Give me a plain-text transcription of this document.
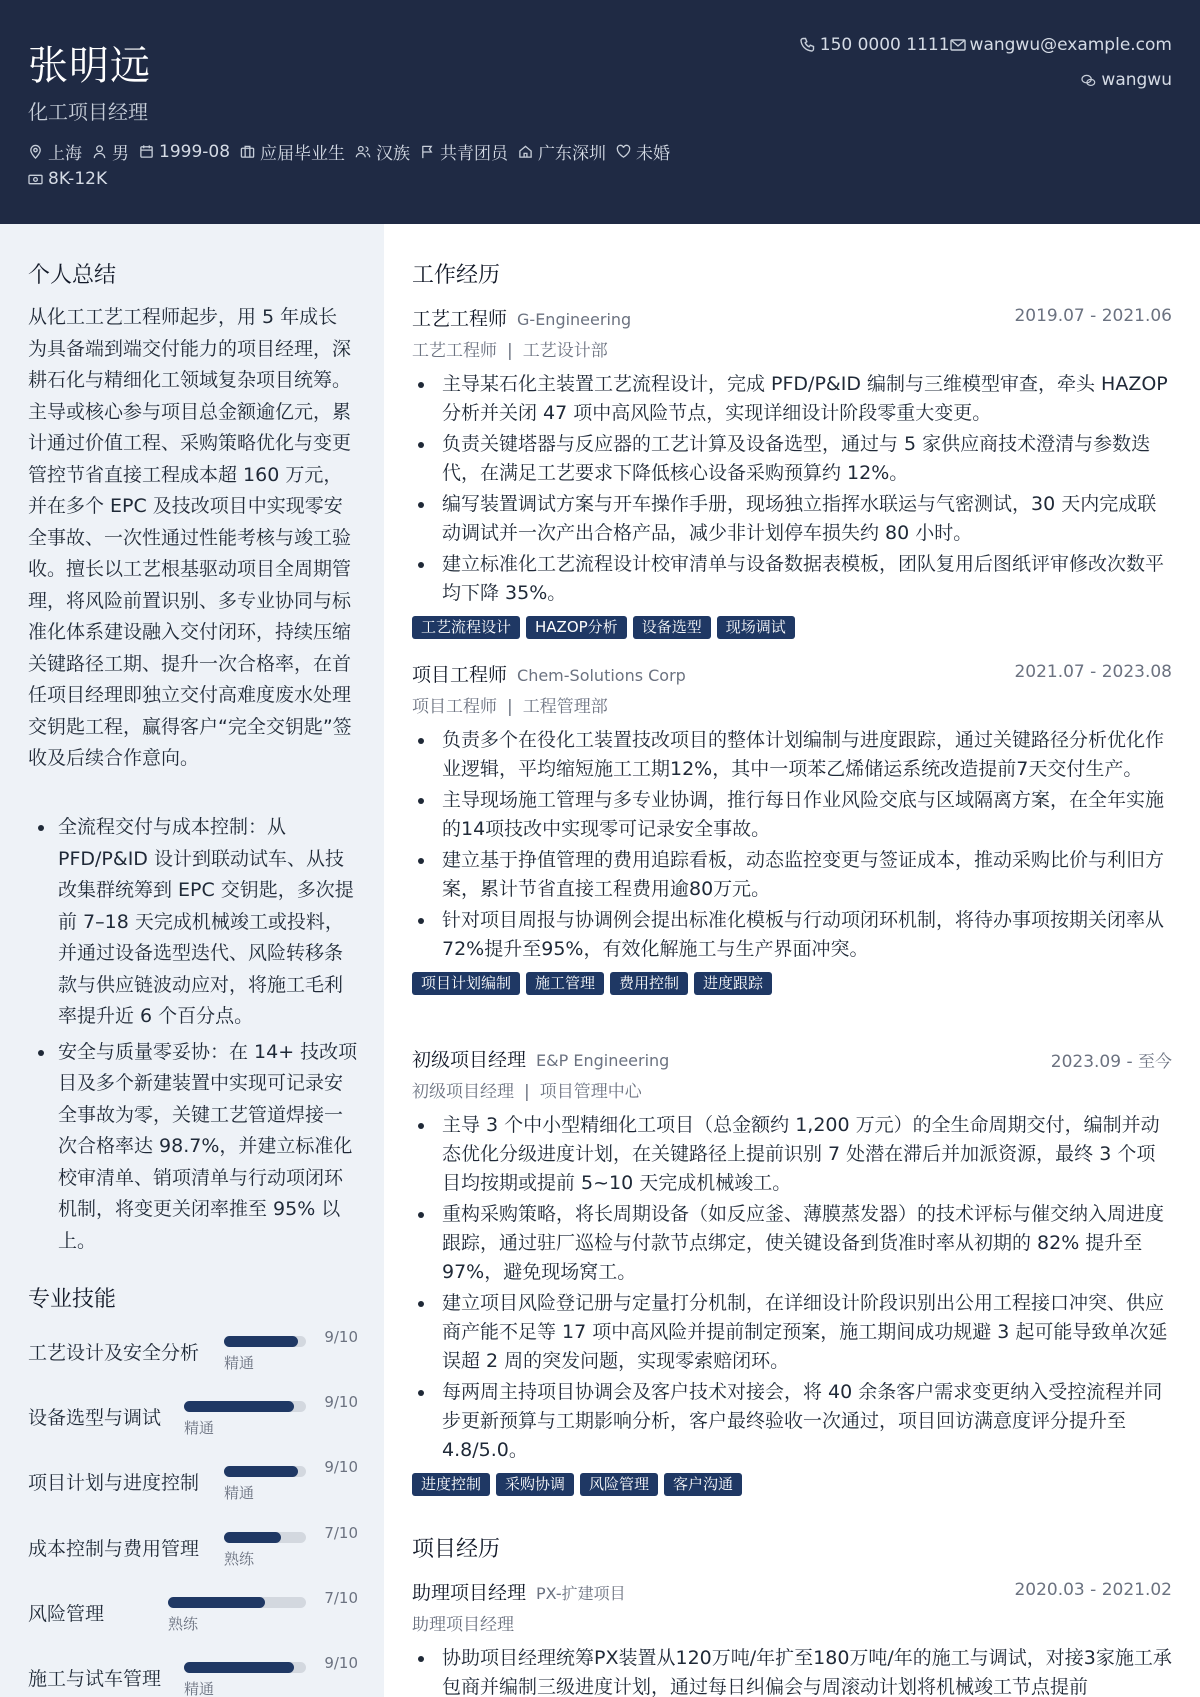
张明远
化工项目经理
上海 男 1999-08 应届毕业生 汉族 共青团员 广东深圳 未婚
8K-12K
150 0000 1111 wangwu@example.com
wangwu
个人总结
从化工工艺工程师起步，用 5 年成长为具备端到端交付能力的项目经理，深耕石化与精细化工领域复杂项目统筹。主导或核心参与项目总金额逾亿元，累计通过价值工程、采购策略优化与变更管控节省直接工程成本超 160 万元，并在多个 EPC 及技改项目中实现零安全事故、一次性通过性能考核与竣工验收。擅长以工艺根基驱动项目全周期管理，将风险前置识别、多专业协同与标准化体系建设融入交付闭环，持续压缩关键路径工期、提升一次合格率，在首任项目经理即独立交付高难度废水处理交钥匙工程，赢得客户“完全交钥匙”签收及后续合作意向。
全流程交付与成本控制：从 PFD/P&ID 设计到联动试车、从技改集群统筹到 EPC 交钥匙，多次提前 7–18 天完成机械竣工或投料，并通过设备选型迭代、风险转移条款与供应链波动应对，将施工毛利率提升近 6 个百分点。
安全与质量零妥协：在 14+ 技改项目及多个新建装置中实现可记录安全事故为零，关键工艺管道焊接一次合格率达 98.7%，并建立标准化校审清单、销项清单与行动项闭环机制，将变更关闭率推至 95% 以上。
专业技能
工艺设计及安全分析 精通
9/10
设备选型与调试 精通
9/10
项目计划与进度控制 精通
9/10
成本控制与费用管理 熟练
7/10
风险管理	熟练
7/10
施工与试车管理 精通
9/10
工作经历
工艺工程师 G-Engineering	2019.07 - 2021.06
工艺工程师 | 工艺设计部
主导某石化主装置工艺流程设计，完成 PFD/P&ID 编制与三维模型审查，牵头 HAZOP 分析并关闭 47 项中高风险节点，实现详细设计阶段零重大变更。
负责关键塔器与反应器的工艺计算及设备选型，通过与 5 家供应商技术澄清与参数迭代，在满足工艺要求下降低核心设备采购预算约 12%。
编写装置调试方案与开车操作手册，现场独立指挥水联运与气密测试，30 天内完成联动调试并一次产出合格产品，减少非计划停车损失约 80 小时。
建立标准化工艺流程设计校审清单与设备数据表模板，团队复用后图纸评审修改次数平均下降 35%。
工艺流程设计	HAZOP分析	设备选型	现场调试
项目工程师 Chem-Solutions Corp	2021.07 - 2023.08
项目工程师 | 工程管理部
负责多个在役化工装置技改项目的整体计划编制与进度跟踪，通过关键路径分析优化作业逻辑，平均缩短施工工期12%，其中一项苯乙烯储运系统改造提前7天交付生产。
主导现场施工管理与多专业协调，推行每日作业风险交底与区域隔离方案，在全年实施的14项技改中实现零可记录安全事故。
建立基于挣值管理的费用追踪看板，动态监控变更与签证成本，推动采购比价与利旧方案，累计节省直接工程费用逾80万元。
针对项目周报与协调例会提出标准化模板与行动项闭环机制，将待办事项按期关闭率从72%提升至95%，有效化解施工与生产界面冲突。
项目计划编制	施工管理	费用控制	进度跟踪
初级项目经理 E&P Engineering	2023.09 - 至今
初级项目经理 | 项目管理中心
主导 3 个中小型精细化工项目（总金额约 1,200 万元）的全生命周期交付，编制并动态优化分级进度计划，在关键路径上提前识别 7 处潜在滞后并加派资源，最终 3 个项目均按期或提前 5~10 天完成机械竣工。
重构采购策略，将长周期设备（如反应釜、薄膜蒸发器）的技术评标与催交纳入周进度跟踪，通过驻厂巡检与付款节点绑定，使关键设备到货准时率从初期的 82% 提升至 97%，避免现场窝工。
建立项目风险登记册与定量打分机制，在详细设计阶段识别出公用工程接口冲突、供应商产能不足等 17 项中高风险并提前制定预案，施工期间成功规避 3 起可能导致单次延误超 2 周的突发问题，实现零索赔闭环。
每两周主持项目协调会及客户技术对接会，将 40 余条客户需求变更纳入受控流程并同步更新预算与工期影响分析，客户最终验收一次通过，项目回访满意度评分提升至 4.8/5.0。
进度控制	采购协调	风险管理	客户沟通
项目经历
助理项目经理 PX-扩建项目	2020.03 - 2021.02
助理项目经理
协助项目经理统筹PX装置从120万吨/年扩至180万吨/年的施工与调试，对接3家施工承包商并编制三级进度计划，通过每日纠偏会与周滚动计划将机械竣工节点提前
